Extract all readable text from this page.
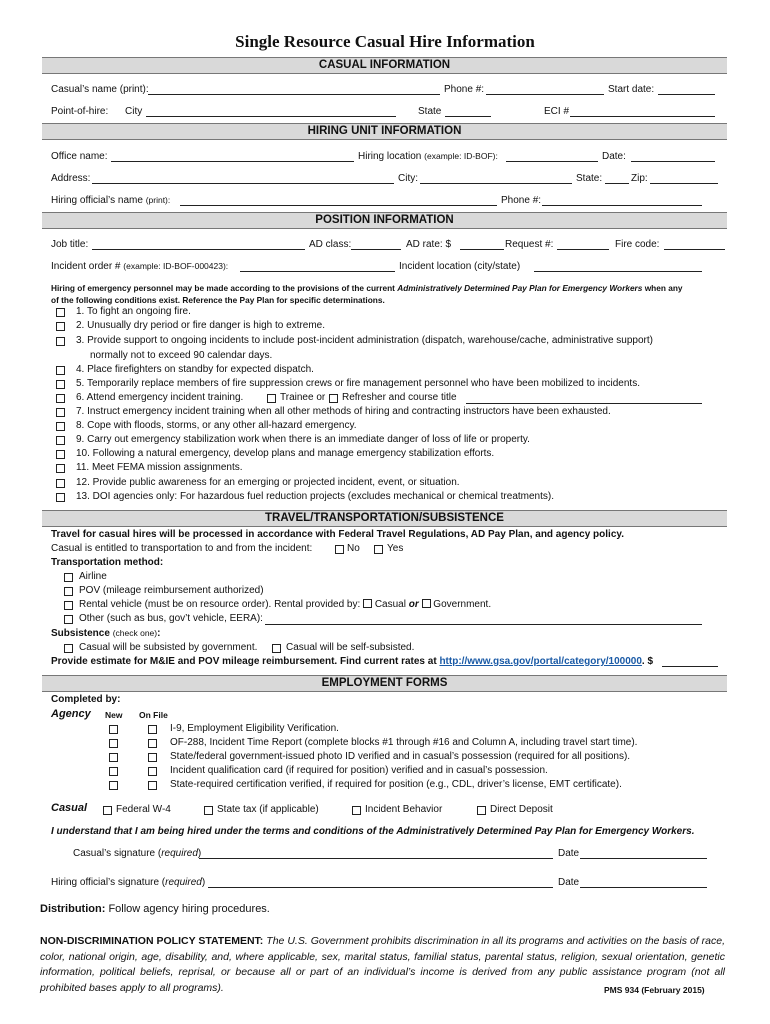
Single Resource Casual Hire Information
CASUAL INFORMATION
Casual’s name (print):	Phone #:	Start date:
Point-of-hire: City	State	ECI #
HIRING UNIT INFORMATION
Office name:	Hiring location (example: ID-BOF):	Date:
Address:	City:	State:	Zip:
Hiring official’s name (print):	Phone #:
POSITION INFORMATION
Job title:	AD class:	AD rate: $	Request #:	Fire code:
Incident order # (example: ID-BOF-000423):	Incident location (city/state)
Hiring of emergency personnel may be made according to the provisions of the current Administratively Determined Pay Plan for Emergency Workers when any
of the following conditions exist. Reference the Pay Plan for specific determinations.
1. To fight an ongoing fire.
2. Unusually dry period or fire danger is high to extreme.
3. Provide support to ongoing incidents to include post-incident administration (dispatch, warehouse/cache, administrative support)
4. Place firefighters on standby for expected dispatch.
5. Temporarily replace members of fire suppression crews or fire management personnel who have been mobilized to incidents.
6. Attend emergency incident training.
7. Instruct emergency incident training when all other methods of hiring and contracting instructors have been exhausted.
8. Cope with floods, storms, or any other all-hazard emergency.
9. Carry out emergency stabilization work when there is an immediate danger of loss of life or property.
10. Following a natural emergency, develop plans and manage emergency stabilization efforts.
11. Meet FEMA mission assignments.
12. Provide public awareness for an emerging or projected incident, event, or situation.
13. DOI agencies only: For hazardous fuel reduction projects (excludes mechanical or chemical treatments).
normally not to exceed 90 calendar days.
Trainee or Refresher and course title
TRAVEL/TRANSPORTATION/SUBSISTENCE
Travel for casual hires will be processed in accordance with Federal Travel Regulations, AD Pay Plan, and agency policy.
Casual is entitled to transportation to and from the incident:	No	Yes
Transportation method:
Airline
POV (mileage reimbursement authorized)
Rental vehicle (must be on resource order). Rental provided by: Casual or Government.
Other (such as bus, gov’t vehicle, EERA):
Subsistence (check one):
Casual will be subsisted by government.	Casual will be self-subsisted.
Provide estimate for M&IE and POV mileage reimbursement. Find current rates at http://www.gsa.gov/portal/category/100000. $
EMPLOYMENT FORMS
Completed by:
Agency New On File
I-9, Employment Eligibility Verification.
OF-288, Incident Time Report (complete blocks #1 through #16 and Column A, including travel start time).
State/federal government-issued photo ID verified and in casual’s possession (required for all positions).
Incident qualification card (if required for position) verified and in casual’s possession.
State-required certification verified, if required for position (e.g., CDL, driver’s license, EMT certificate).
Casual	Federal W-4	State tax (if applicable)	Incident Behavior	Direct Deposit
I understand that I am being hired under the terms and conditions of the Administratively Determined Pay Plan for Emergency Workers.
Casual’s signature (required)	Date
Hiring official’s signature (required)	Date
Distribution: Follow agency hiring procedures.
NON-DISCRIMINATION POLICY STATEMENT: The U.S. Government prohibits discrimination in all its programs and activities on the basis of race, color, national origin, age, disability, and, where applicable, sex, marital status, familial status, parental status, religion, sexual orientation, genetic information, political beliefs, reprisal, or because all or part of an individual’s income is derived from any public assistance program (not all prohibited bases apply to all programs).	PMS 934 (February 2015)
